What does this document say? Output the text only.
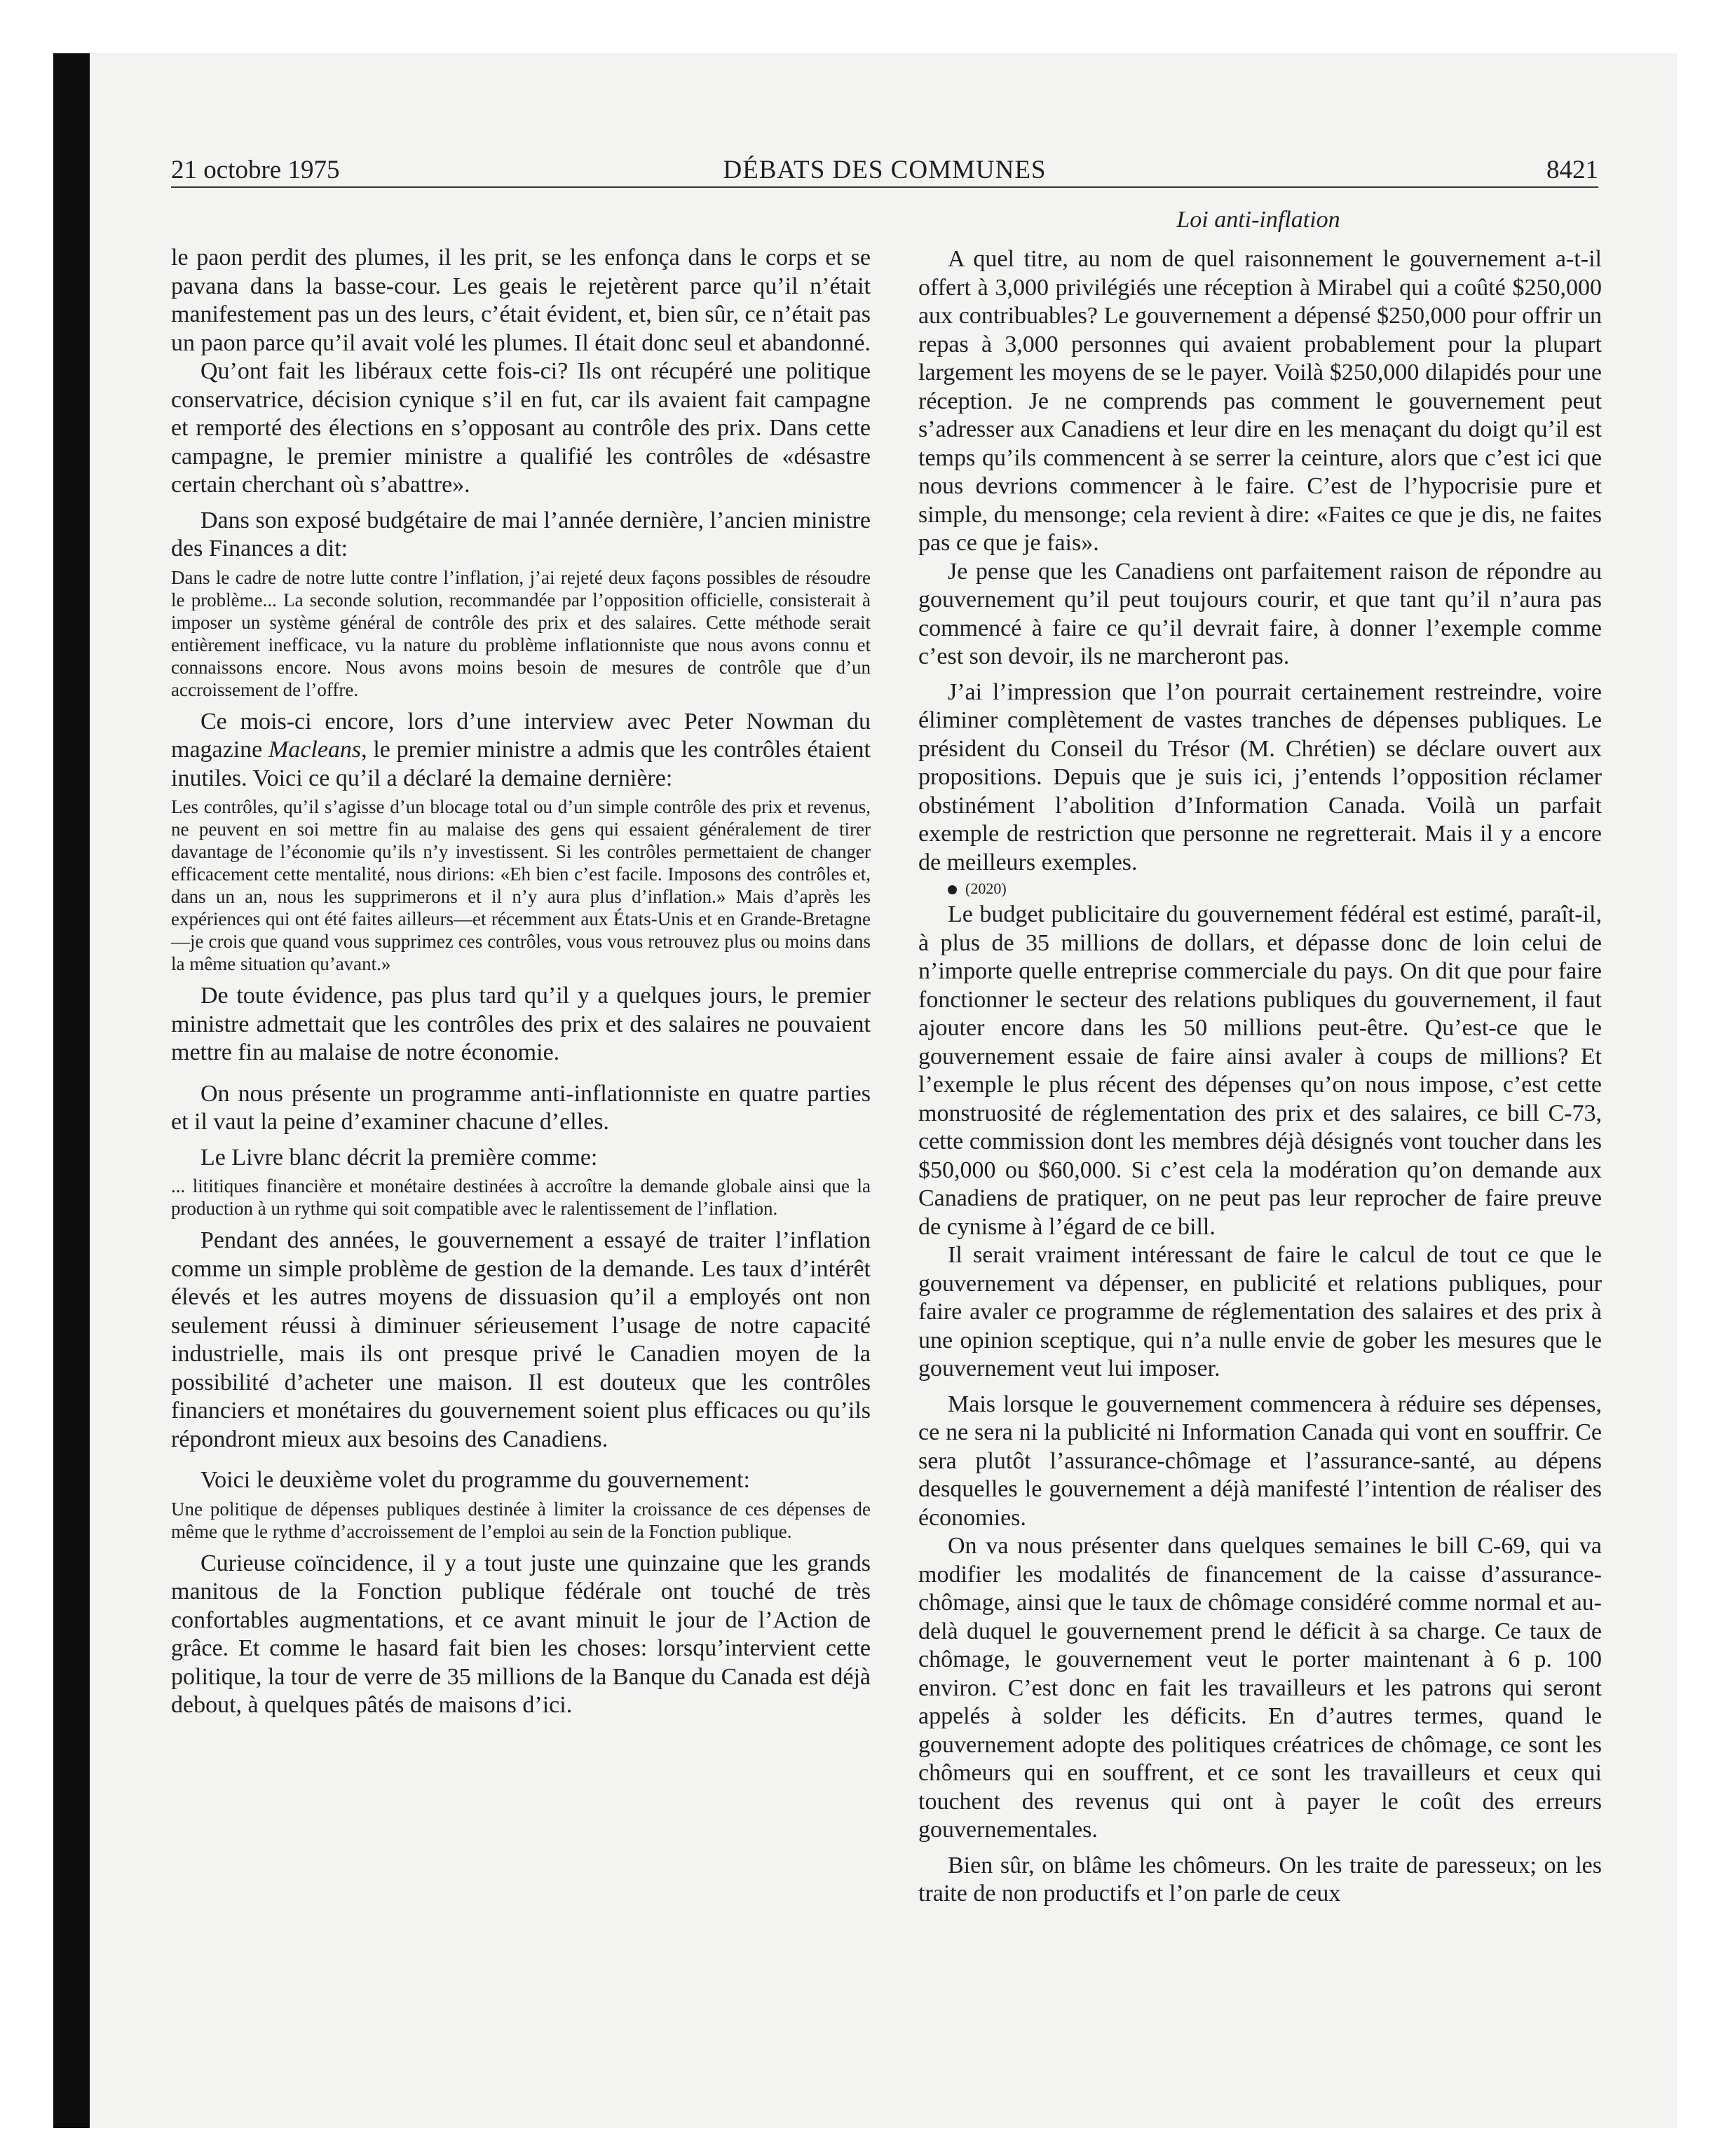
21 octobre 1975	DÉBATS DES COMMUNES	8421
Loi anti-inflation

le paon perdit des plumes, il les prit, se les enfonça dans le corps et se pavana dans la basse-cour. Les geais le rejetèrent parce qu’il n’était manifestement pas un des leurs, c’était évident, et, bien sûr, ce n’était pas un paon parce qu’il avait volé les plumes. Il était donc seul et abandonné.

Qu’ont fait les libéraux cette fois-ci? Ils ont récupéré une politique conservatrice, décision cynique s’il en fut, car ils avaient fait campagne et remporté des élections en s’opposant au contrôle des prix. Dans cette campagne, le premier ministre a qualifié les contrôles de «désastre certain cherchant où s’abattre».

Dans son exposé budgétaire de mai l’année dernière, l’ancien ministre des Finances a dit:

Dans le cadre de notre lutte contre l’inflation, j’ai rejeté deux façons possibles de résoudre le problème... La seconde solution, recommandée par l’opposition officielle, consisterait à imposer un système général de contrôle des prix et des salaires. Cette méthode serait entièrement inefficace, vu la nature du problème inflationniste que nous avons connu et connaissons encore. Nous avons moins besoin de mesures de contrôle que d’un accroissement de l’offre.

Ce mois-ci encore, lors d’une interview avec Peter Nowman du magazine Macleans, le premier ministre a admis que les contrôles étaient inutiles. Voici ce qu’il a déclaré la demaine dernière:

Les contrôles, qu’il s’agisse d’un blocage total ou d’un simple contrôle des prix et revenus, ne peuvent en soi mettre fin au malaise des gens qui essaient généralement de tirer davantage de l’économie qu’ils n’y investissent. Si les contrôles permettaient de changer efficacement cette mentalité, nous dirions: «Eh bien c’est facile. Imposons des contrôles et, dans un an, nous les supprimerons et il n’y aura plus d’inflation.» Mais d’après les expériences qui ont été faites ailleurs—et récemment aux États-Unis et en Grande-Bretagne—je crois que quand vous supprimez ces contrôles, vous vous retrouvez plus ou moins dans la même situation qu’avant.»

De toute évidence, pas plus tard qu’il y a quelques jours, le premier ministre admettait que les contrôles des prix et des salaires ne pouvaient mettre fin au malaise de notre économie.

On nous présente un programme anti-inflationniste en quatre parties et il vaut la peine d’examiner chacune d’elles.

Le Livre blanc décrit la première comme:

... lititiques financière et monétaire destinées à accroître la demande globale ainsi que la production à un rythme qui soit compatible avec le ralentissement de l’inflation.

Pendant des années, le gouvernement a essayé de traiter l’inflation comme un simple problème de gestion de la demande. Les taux d’intérêt élevés et les autres moyens de dissuasion qu’il a employés ont non seulement réussi à diminuer sérieusement l’usage de notre capacité industrielle, mais ils ont presque privé le Canadien moyen de la possibilité d’acheter une maison. Il est douteux que les contrôles financiers et monétaires du gouvernement soient plus efficaces ou qu’ils répondront mieux aux besoins des Canadiens.

Voici le deuxième volet du programme du gouvernement:

Une politique de dépenses publiques destinée à limiter la croissance de ces dépenses de même que le rythme d’accroissement de l’emploi au sein de la Fonction publique.

Curieuse coïncidence, il y a tout juste une quinzaine que les grands manitous de la Fonction publique fédérale ont touché de très confortables augmentations, et ce avant minuit le jour de l’Action de grâce. Et comme le hasard fait bien les choses: lorsqu’intervient cette politique, la tour de verre de 35 millions de la Banque du Canada est déjà debout, à quelques pâtés de maisons d’ici.

A quel titre, au nom de quel raisonnement le gouvernement a-t-il offert à 3,000 privilégiés une réception à Mirabel qui a coûté $250,000 aux contribuables? Le gouvernement a dépensé $250,000 pour offrir un repas à 3,000 personnes qui avaient probablement pour la plupart largement les moyens de se le payer. Voilà $250,000 dilapidés pour une réception. Je ne comprends pas comment le gouvernement peut s’adresser aux Canadiens et leur dire en les menaçant du doigt qu’il est temps qu’ils commencent à se serrer la ceinture, alors que c’est ici que nous devrions commencer à le faire. C’est de l’hypocrisie pure et simple, du mensonge; cela revient à dire: «Faites ce que je dis, ne faites pas ce que je fais».

Je pense que les Canadiens ont parfaitement raison de répondre au gouvernement qu’il peut toujours courir, et que tant qu’il n’aura pas commencé à faire ce qu’il devrait faire, à donner l’exemple comme c’est son devoir, ils ne marcheront pas.

J’ai l’impression que l’on pourrait certainement restreindre, voire éliminer complètement de vastes tranches de dépenses publiques. Le président du Conseil du Trésor (M. Chrétien) se déclare ouvert aux propositions. Depuis que je suis ici, j’entends l’opposition réclamer obstinément l’abolition d’Information Canada. Voilà un parfait exemple de restriction que personne ne regretterait. Mais il y a encore de meilleurs exemples.

(2020)

Le budget publicitaire du gouvernement fédéral est estimé, paraît-il, à plus de 35 millions de dollars, et dépasse donc de loin celui de n’importe quelle entreprise commerciale du pays. On dit que pour faire fonctionner le secteur des relations publiques du gouvernement, il faut ajouter encore dans les 50 millions peut-être. Qu’est-ce que le gouvernement essaie de faire ainsi avaler à coups de millions? Et l’exemple le plus récent des dépenses qu’on nous impose, c’est cette monstruosité de réglementation des prix et des salaires, ce bill C-73, cette commission dont les membres déjà désignés vont toucher dans les $50,000 ou $60,000. Si c’est cela la modération qu’on demande aux Canadiens de pratiquer, on ne peut pas leur reprocher de faire preuve de cynisme à l’égard de ce bill.

Il serait vraiment intéressant de faire le calcul de tout ce que le gouvernement va dépenser, en publicité et relations publiques, pour faire avaler ce programme de réglementation des salaires et des prix à une opinion sceptique, qui n’a nulle envie de gober les mesures que le gouvernement veut lui imposer.

Mais lorsque le gouvernement commencera à réduire ses dépenses, ce ne sera ni la publicité ni Information Canada qui vont en souffrir. Ce sera plutôt l’assurance-chômage et l’assurance-santé, au dépens desquelles le gouvernement a déjà manifesté l’intention de réaliser des économies.

On va nous présenter dans quelques semaines le bill C-69, qui va modifier les modalités de financement de la caisse d’assurance-chômage, ainsi que le taux de chômage considéré comme normal et au-delà duquel le gouvernement prend le déficit à sa charge. Ce taux de chômage, le gouvernement veut le porter maintenant à 6 p. 100 environ. C’est donc en fait les travailleurs et les patrons qui seront appelés à solder les déficits. En d’autres termes, quand le gouvernement adopte des politiques créatrices de chômage, ce sont les chômeurs qui en souffrent, et ce sont les travailleurs et ceux qui touchent des revenus qui ont à payer le coût des erreurs gouvernementales.

Bien sûr, on blâme les chômeurs. On les traite de paresseux; on les traite de non productifs et l’on parle de ceux
